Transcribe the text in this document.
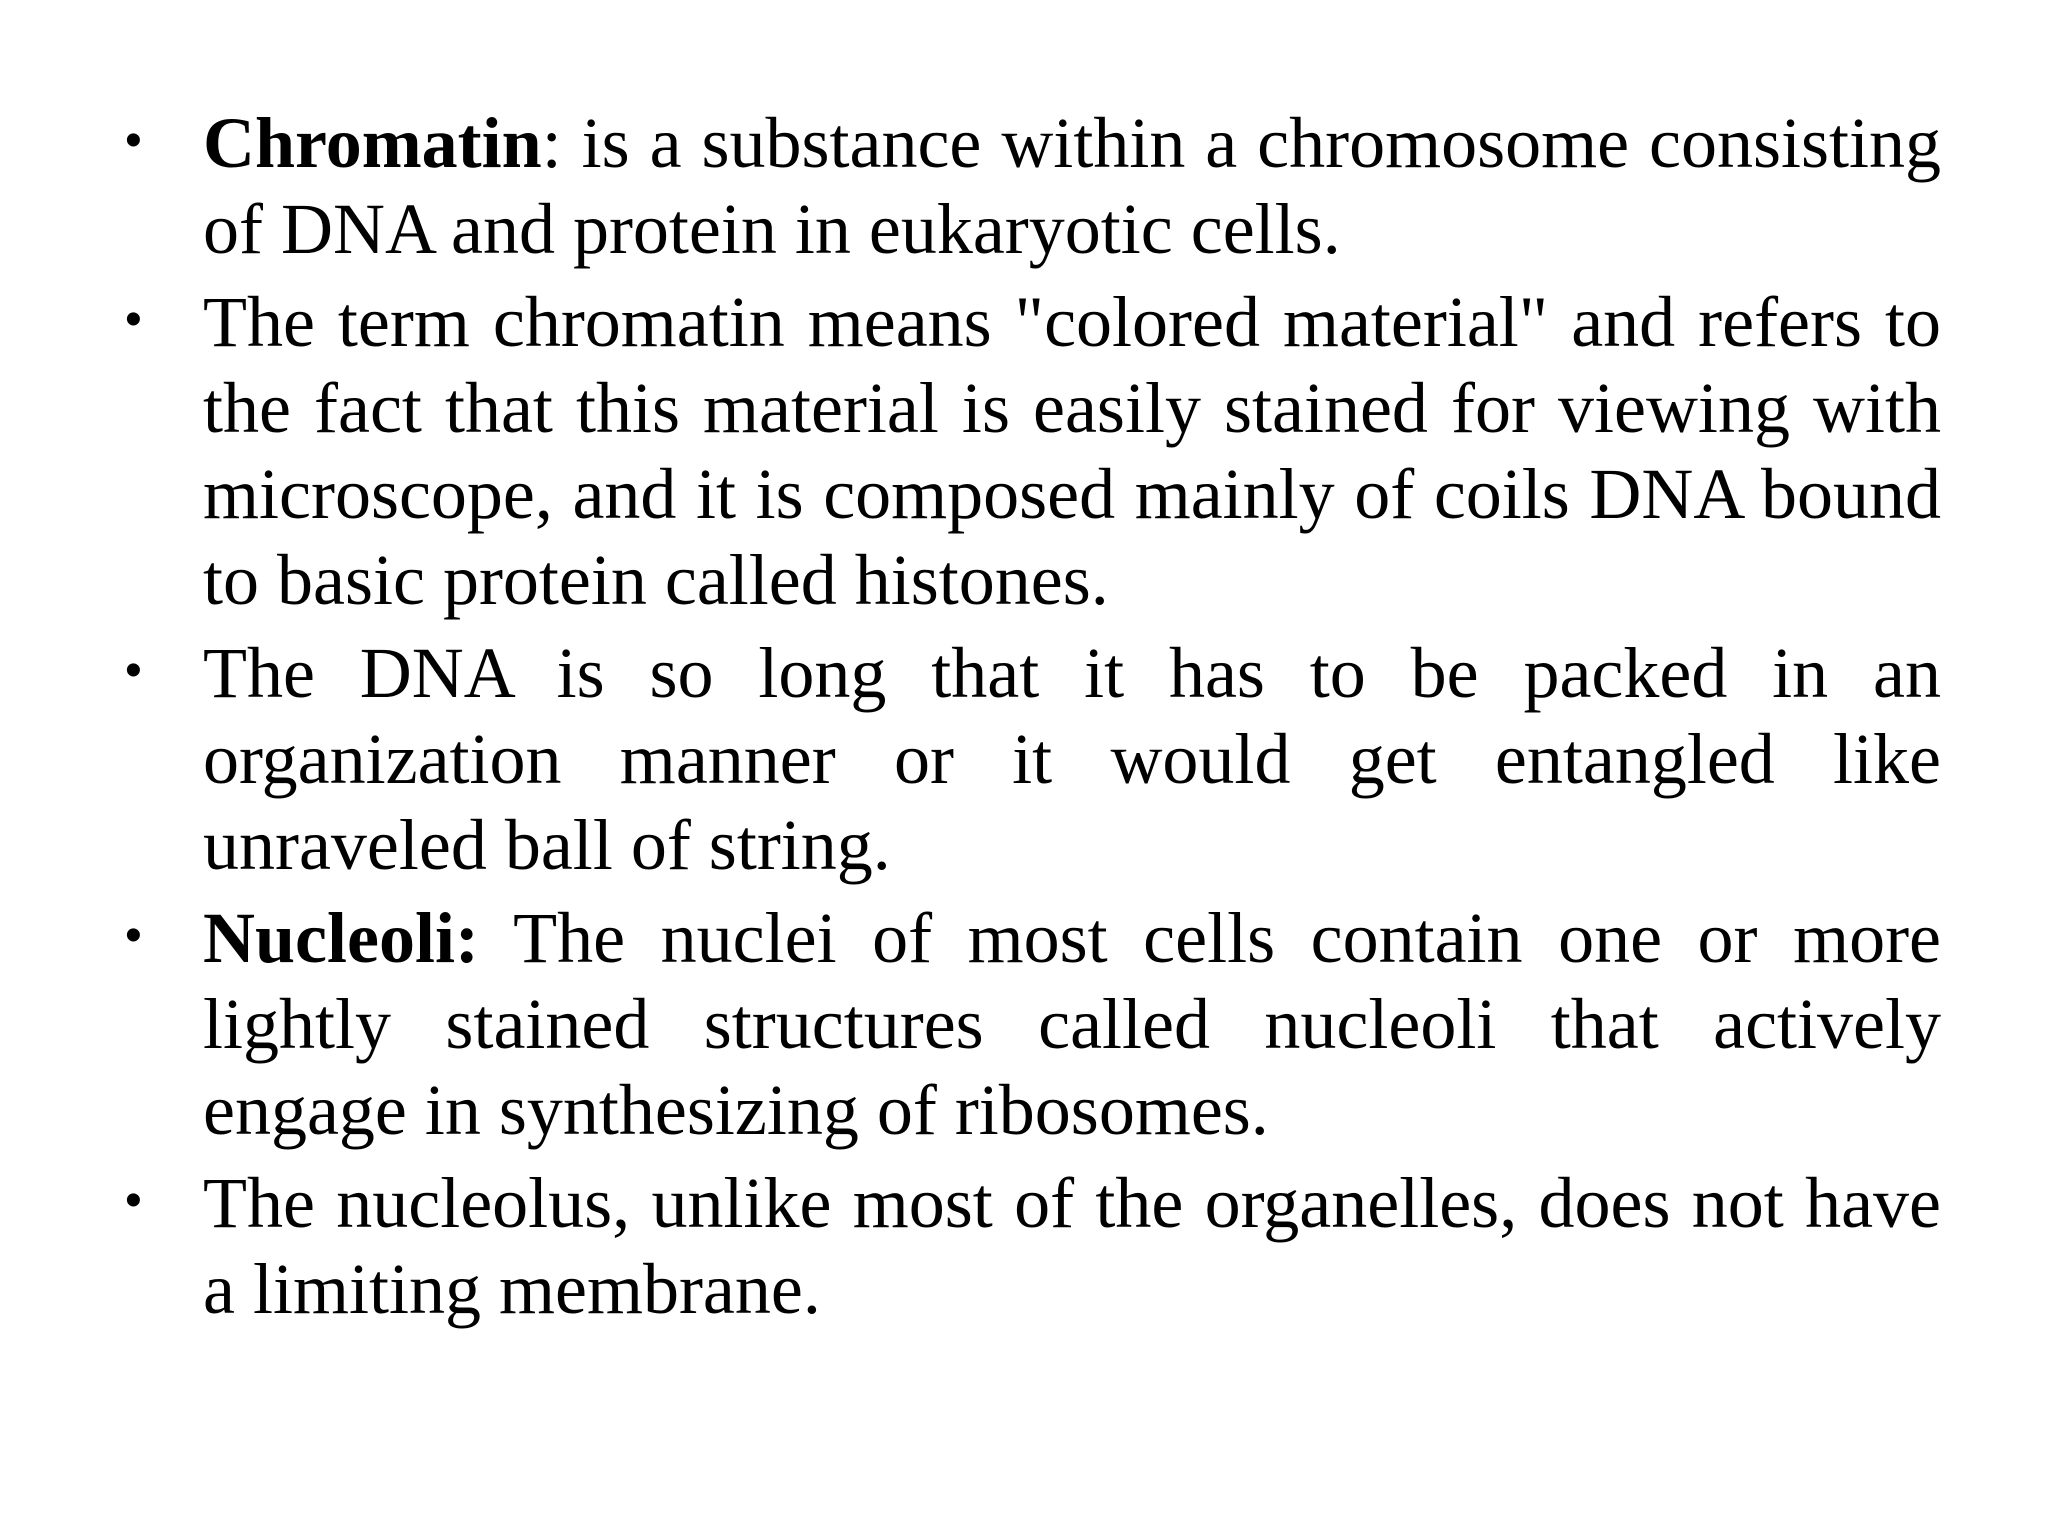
• Chromatin: is a substance within a chromosome consisting of DNA and protein in eukaryotic cells.
• The term chromatin means "colored material" and refers to the fact that this material is easily stained for viewing with microscope, and it is composed mainly of coils DNA bound to basic protein called histones.
• The DNA is so long that it has to be packed in an organization manner or it would get entangled like unraveled ball of string.
• Nucleoli: The nuclei of most cells contain one or more lightly stained structures called nucleoli that actively engage in synthesizing of ribosomes.
• The nucleolus, unlike most of the organelles, does not have a limiting membrane.
